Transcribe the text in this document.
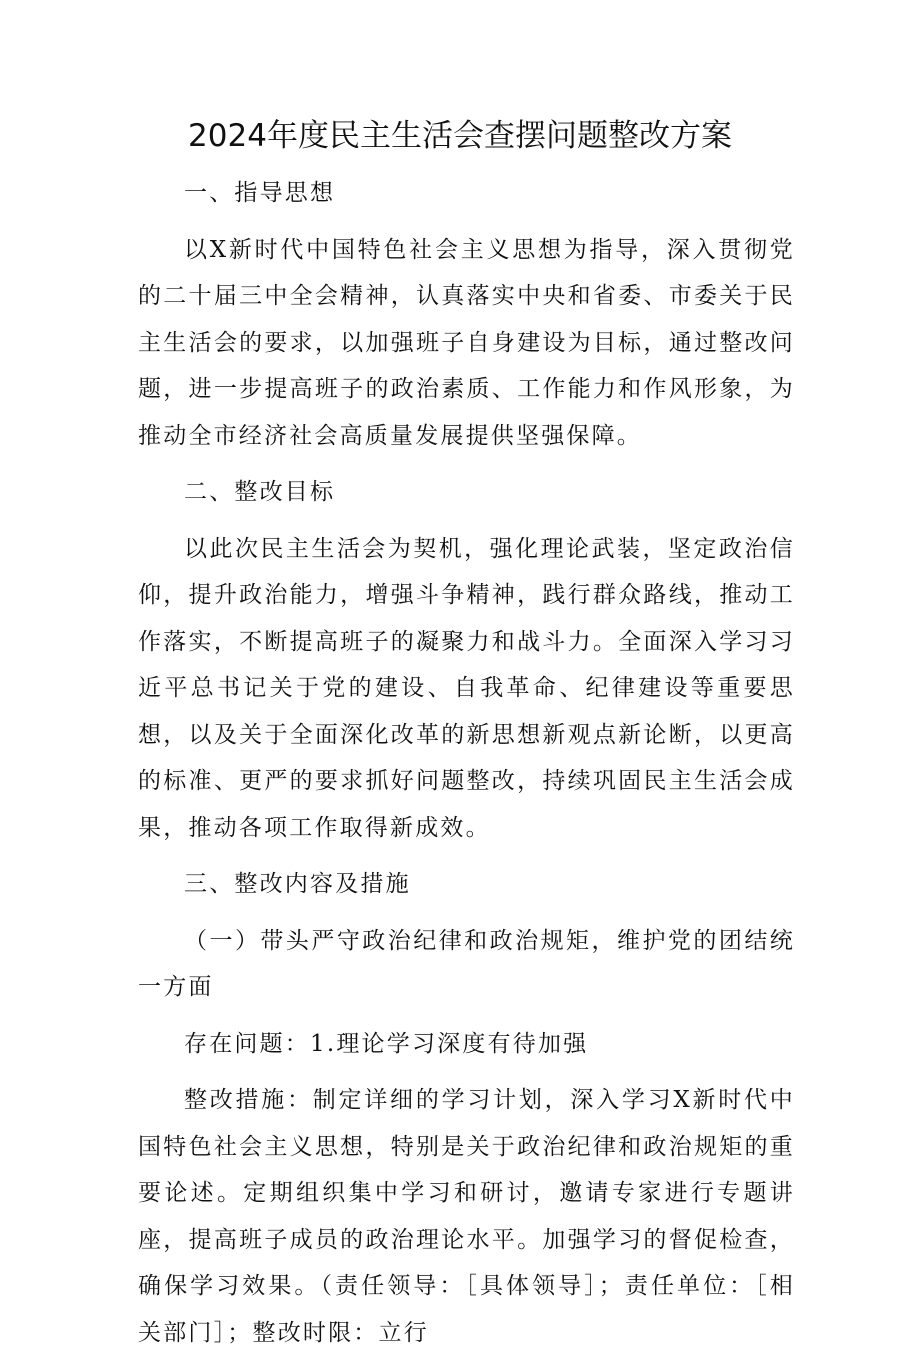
2024年度民主生活会查摆问题整改方案

一、指导思想

以X新时代中国特色社会主义思想为指导，深入贯彻党的二十届三中全会精神，认真落实中央和省委、市委关于民主生活会的要求，以加强班子自身建设为目标，通过整改问题，进一步提高班子的政治素质、工作能力和作风形象，为推动全市经济社会高质量发展提供坚强保障。

二、整改目标

以此次民主生活会为契机，强化理论武装，坚定政治信仰，提升政治能力，增强斗争精神，践行群众路线，推动工作落实，不断提高班子的凝聚力和战斗力。全面深入学习习近平总书记关于党的建设、自我革命、纪律建设等重要思想，以及关于全面深化改革的新思想新观点新论断，以更高的标准、更严的要求抓好问题整改，持续巩固民主生活会成果，推动各项工作取得新成效。

三、整改内容及措施

（一）带头严守政治纪律和政治规矩，维护党的团结统一方面

存在问题：1.理论学习深度有待加强

整改措施：制定详细的学习计划，深入学习X新时代中国特色社会主义思想，特别是关于政治纪律和政治规矩的重要论述。定期组织集中学习和研讨，邀请专家进行专题讲座，提高班子成员的政治理论水平。加强学习的督促检查，确保学习效果。（责任领导：［具体领导］；责任单位：［相关部门］；整改时限：立行
